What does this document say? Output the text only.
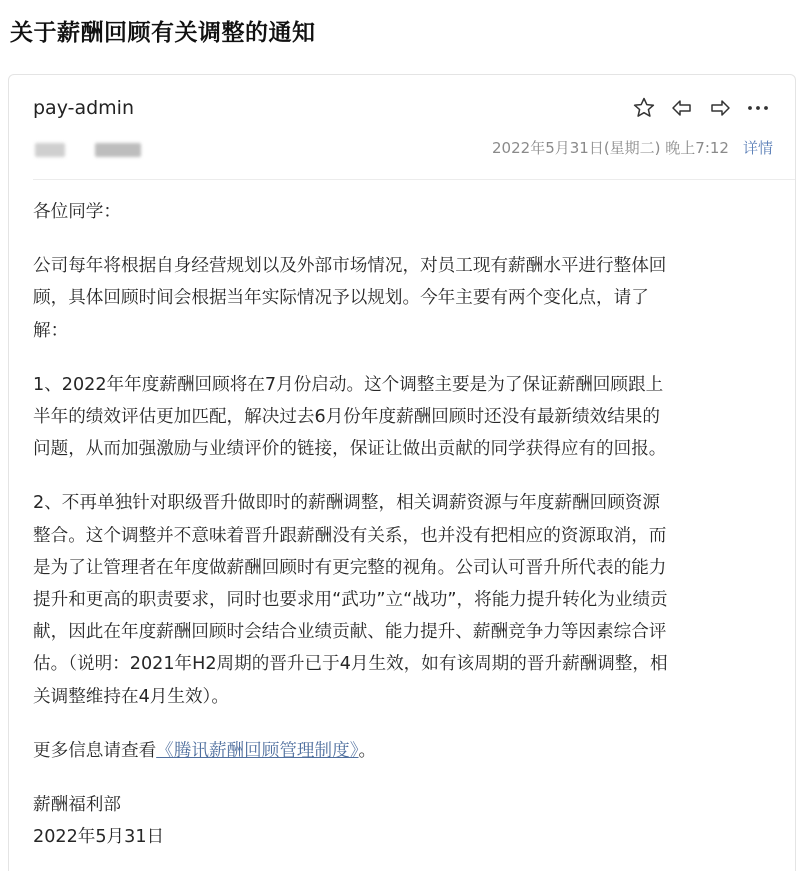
关于薪酬回顾有关调整的通知
pay-admin
2022年5月31日(星期二) 晚上7:12 详情
各位同学：
公司每年将根据自身经营规划以及外部市场情况，对员工现有薪酬水平进行整体回
顾，具体回顾时间会根据当年实际情况予以规划。今年主要有两个变化点，请了
解：
1、2022年年度薪酬回顾将在7月份启动。这个调整主要是为了保证薪酬回顾跟上
半年的绩效评估更加匹配，解决过去6月份年度薪酬回顾时还没有最新绩效结果的
问题，从而加强激励与业绩评价的链接，保证让做出贡献的同学获得应有的回报。
2、不再单独针对职级晋升做即时的薪酬调整，相关调薪资源与年度薪酬回顾资源
整合。这个调整并不意味着晋升跟薪酬没有关系，也并没有把相应的资源取消，而
是为了让管理者在年度做薪酬回顾时有更完整的视角。公司认可晋升所代表的能力
提升和更高的职责要求，同时也要求用“武功”立“战功”，将能力提升转化为业绩贡
献，因此在年度薪酬回顾时会结合业绩贡献、能力提升、薪酬竞争力等因素综合评
估。（说明：2021年H2周期的晋升已于4月生效，如有该周期的晋升薪酬调整，相
关调整维持在4月生效）。
更多信息请查看《腾讯薪酬回顾管理制度》。
薪酬福利部
2022年5月31日
